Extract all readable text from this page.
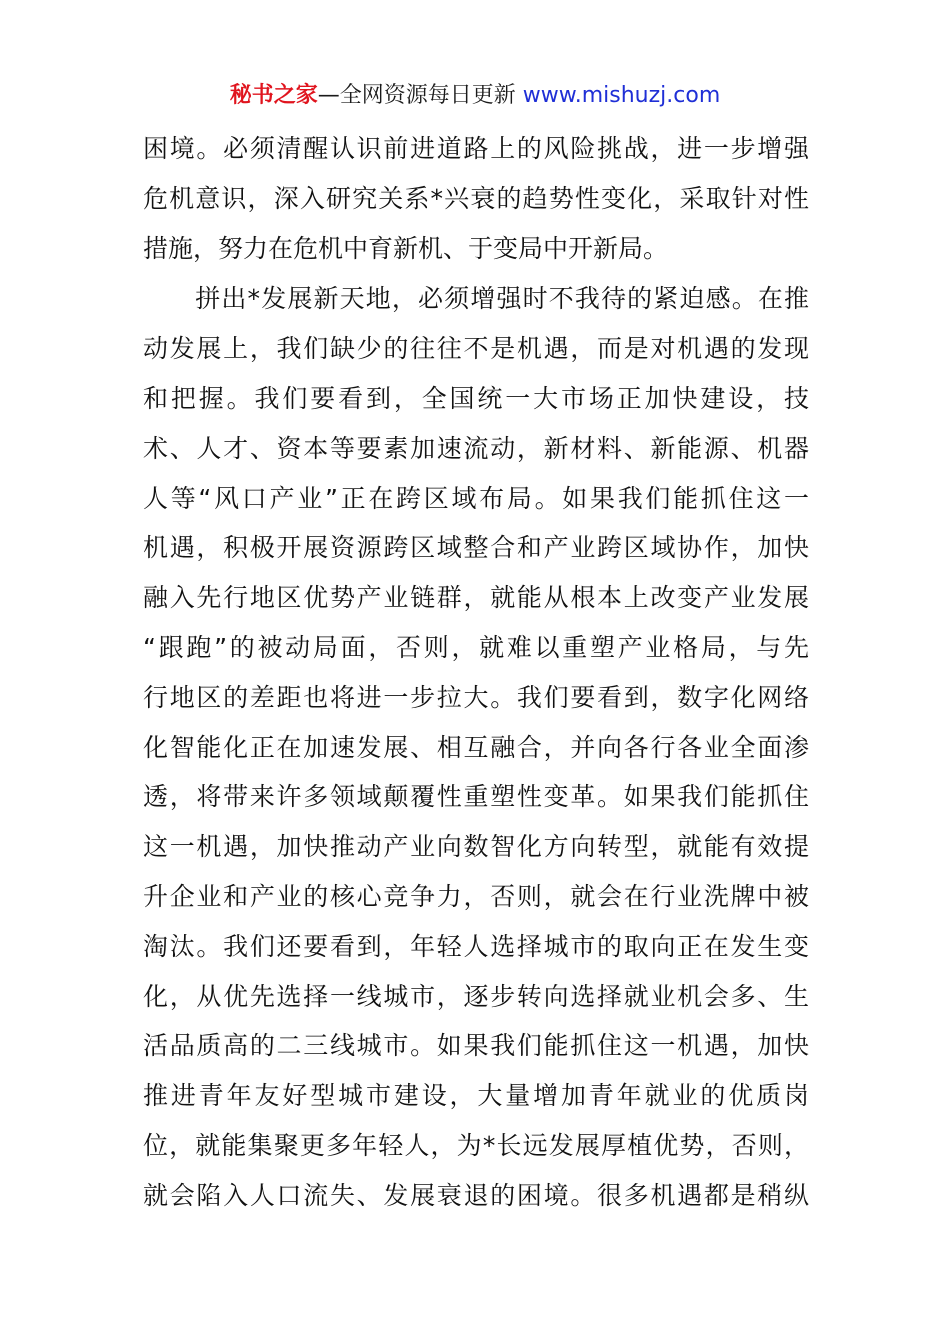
秘书之家—全网资源每日更新 www.mishuzj.com
困境。必须清醒认识前进道路上的风险挑战，进一步增强
危机意识，深入研究关系*兴衰的趋势性变化，采取针对性
措施，努力在危机中育新机、于变局中开新局。
　　拼出*发展新天地，必须增强时不我待的紧迫感。在推
动发展上，我们缺少的往往不是机遇，而是对机遇的发现
和把握。我们要看到，全国统一大市场正加快建设，技
术、人才、资本等要素加速流动，新材料、新能源、机器
人等“风口产业”正在跨区域布局。如果我们能抓住这一
机遇，积极开展资源跨区域整合和产业跨区域协作，加快
融入先行地区优势产业链群，就能从根本上改变产业发展
“跟跑”的被动局面，否则，就难以重塑产业格局，与先
行地区的差距也将进一步拉大。我们要看到，数字化网络
化智能化正在加速发展、相互融合，并向各行各业全面渗
透，将带来许多领域颠覆性重塑性变革。如果我们能抓住
这一机遇，加快推动产业向数智化方向转型，就能有效提
升企业和产业的核心竞争力，否则，就会在行业洗牌中被
淘汰。我们还要看到，年轻人选择城市的取向正在发生变
化，从优先选择一线城市，逐步转向选择就业机会多、生
活品质高的二三线城市。如果我们能抓住这一机遇，加快
推进青年友好型城市建设，大量增加青年就业的优质岗
位，就能集聚更多年轻人，为*长远发展厚植优势，否则，
就会陷入人口流失、发展衰退的困境。很多机遇都是稍纵
